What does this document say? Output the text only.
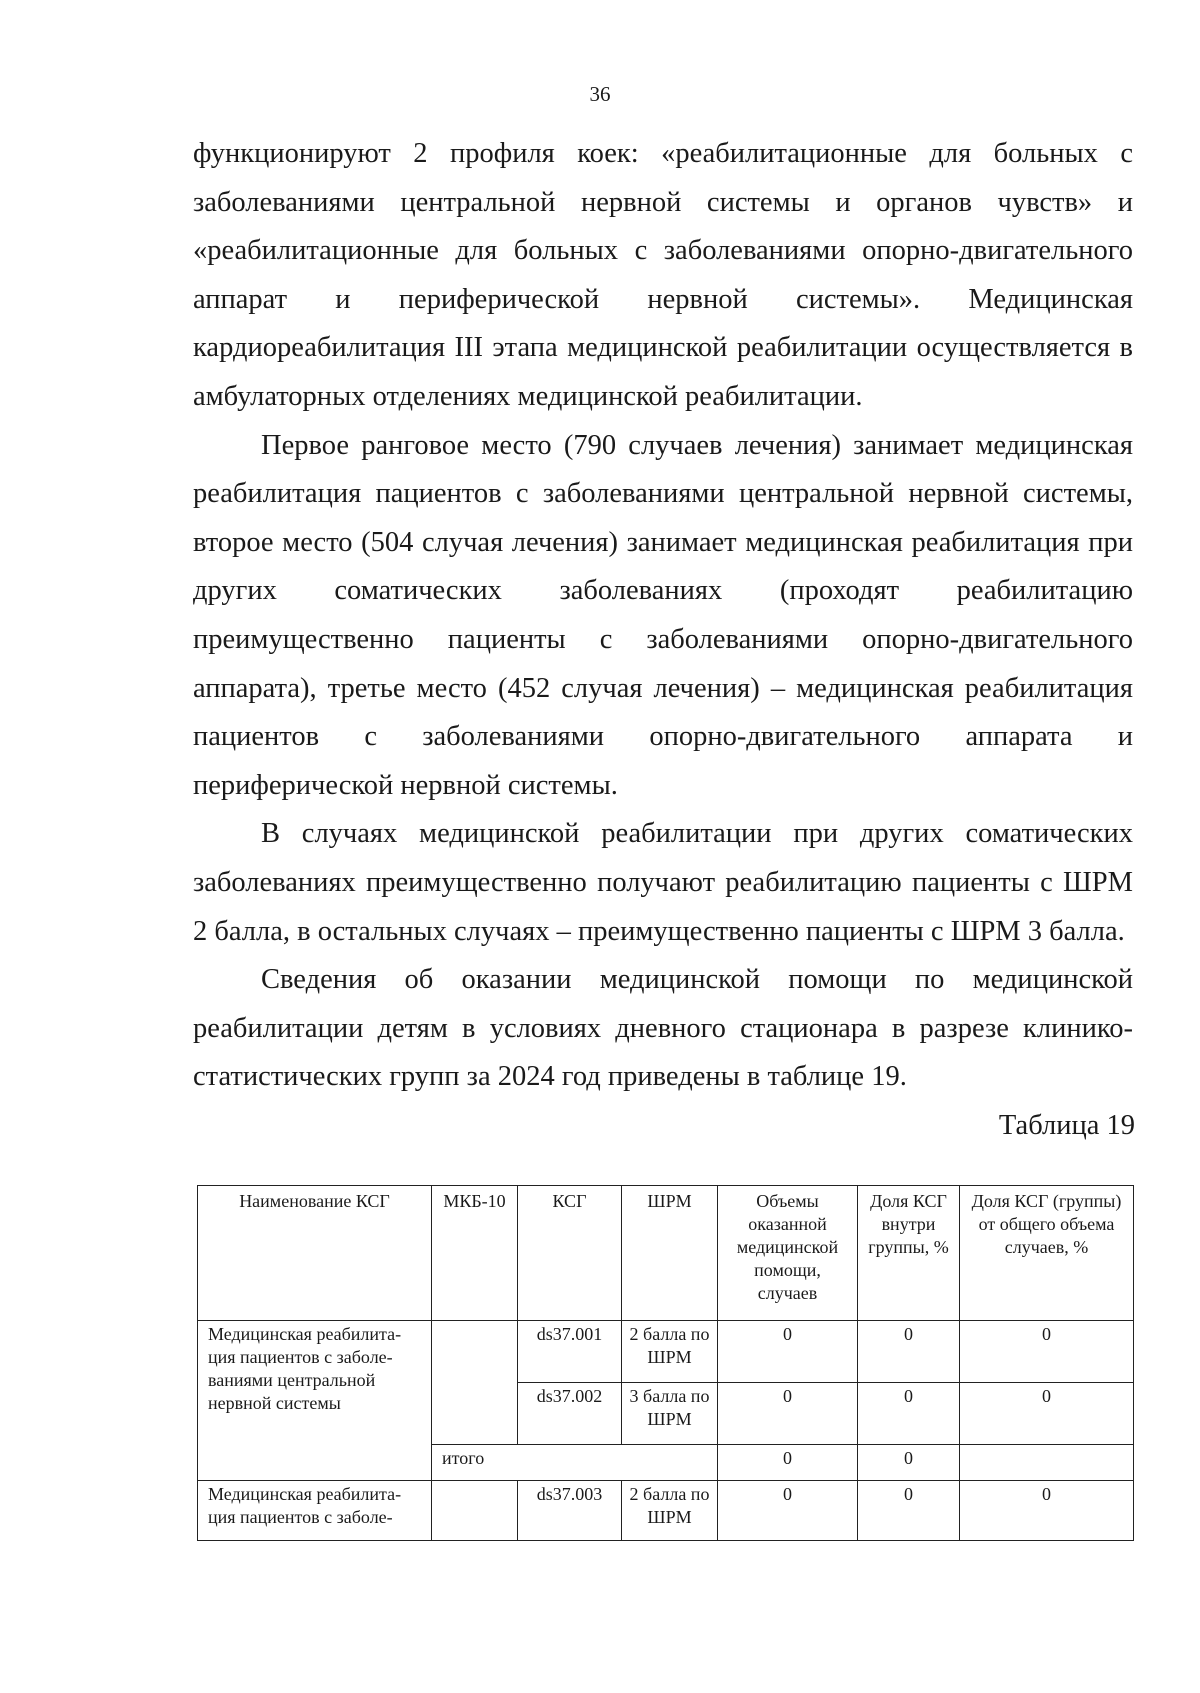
36

функционируют 2 профиля коек: «реабилитационные для больных с заболеваниями центральной нервной системы и органов чувств» и «реабилитационные для больных с заболеваниями опорно-двигательного аппарат и периферической нервной системы». Медицинская кардиореабилитация III этапа медицинской реабилитации осуществляется в амбулаторных отделениях медицинской реабилитации.

Первое ранговое место (790 случаев лечения) занимает медицинская реабилитация пациентов с заболеваниями центральной нервной системы, второе место (504 случая лечения) занимает медицинская реабилитация при других соматических заболеваниях (проходят реабилитацию преимущественно пациенты с заболеваниями опорно-двигательного аппарата), третье место (452 случая лечения) – медицинская реабилитация пациентов с заболеваниями опорно-двигательного аппарата и периферической нервной системы.

В случаях медицинской реабилитации при других соматических заболеваниях преимущественно получают реабилитацию пациенты с ШРМ 2 балла, в остальных случаях – преимущественно пациенты с ШРМ 3 балла.

Сведения об оказании медицинской помощи по медицинской реабилитации детям в условиях дневного стационара в разрезе клинико-статистических групп за 2024 год приведены в таблице 19.

Таблица 19
Наименование КСГ	МКБ-10	КСГ	ШРМ	Объемы оказанной медицинской помощи, случаев	Доля КСГ внутри группы, %	Доля КСГ (группы) от общего объема случаев, %
Медицинская реабилита-ция пациентов с заболе-ваниями центральной нервной системы		ds37.001	2 балла по ШРМ	0	0	0
		ds37.002	3 балла по ШРМ	0	0	0
	итого			0	0	
Медицинская реабилита-ция пациентов с заболе-		ds37.003	2 балла по ШРМ	0	0	0
